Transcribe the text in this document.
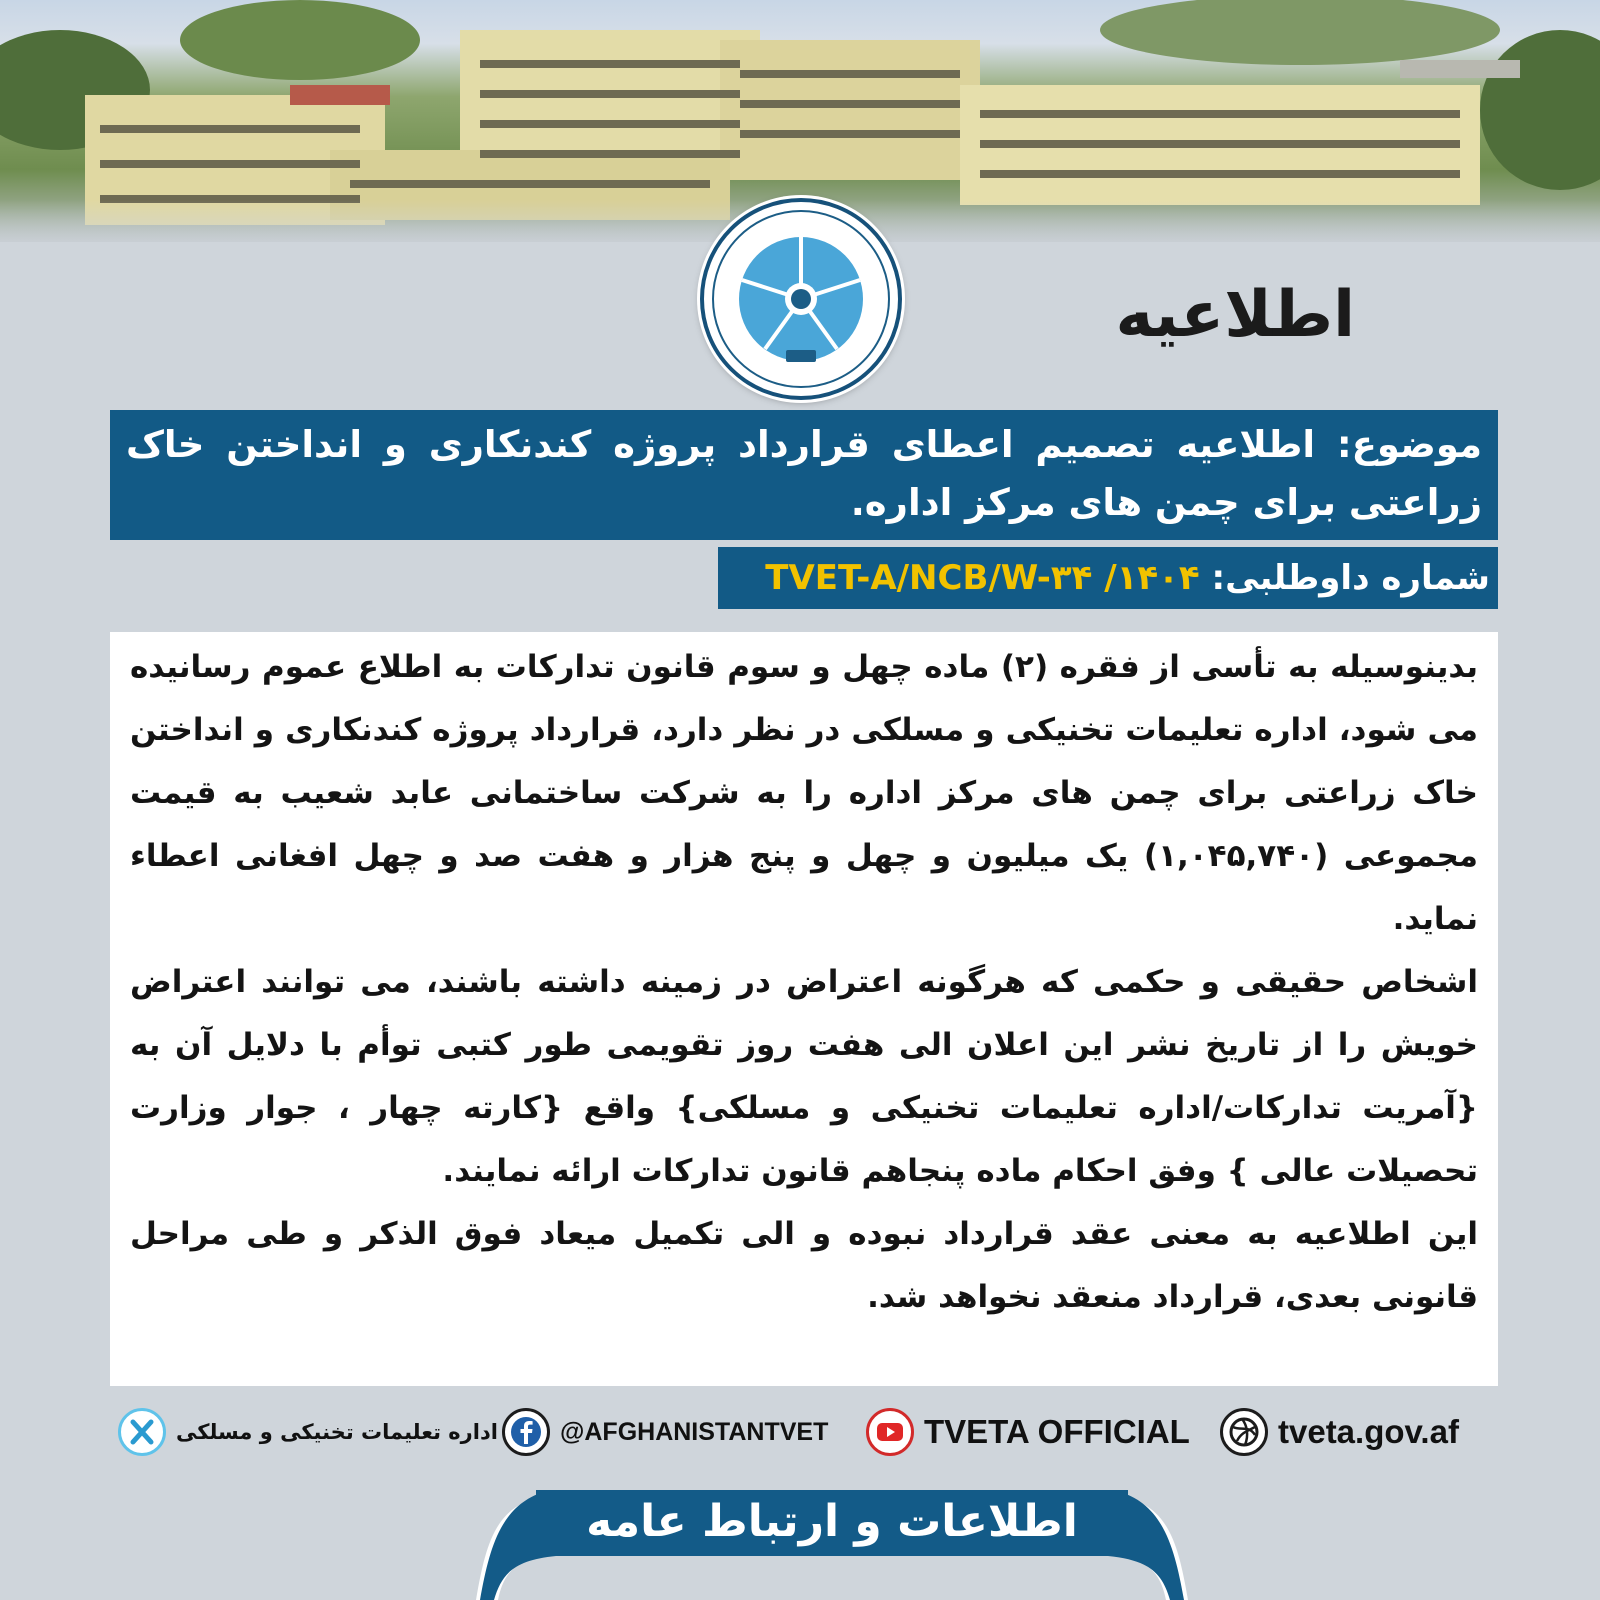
اطلاعیه
موضوع: اطلاعیه تصمیم اعطای قرارداد پروژه کندنکاری و انداختن خاک زراعتی برای چمن های مرکز اداره.
شماره داوطلبی: TVET-A/NCB/W-۳۴ /۱۴۰۴

بدینوسیله به تأسی از فقره (۲) ماده چهل و سوم قانون تدارکات به اطلاع عموم رسانیده می شود، اداره تعلیمات تخنیکی و مسلکی در نظر دارد، قرارداد پروژه کندنکاری و انداختن خاک زراعتی برای چمن های مرکز اداره را به شرکت ساختمانی عابد شعیب به قیمت مجموعی (۱,۰۴۵,۷۴۰) یک میلیون و چهل و پنج هزار و هفت صد و چهل افغانی اعطاء نماید.

اشخاص حقیقی و حکمی که هرگونه اعتراض در زمینه داشته باشند، می توانند اعتراض خویش را از تاریخ نشر این اعلان الی هفت روز تقویمی طور کتبی توأم با دلایل آن به {آمریت تدارکات/اداره تعلیمات تخنیکی و مسلکی} واقع {کارته چهار ، جوار وزارت تحصیلات عالی } وفق احکام ماده پنجاهم قانون تدارکات ارائه نمایند.

این اطلاعیه به معنی عقد قرارداد نبوده و الی تکمیل میعاد فوق الذکر و طی مراحل قانونی بعدی، قرارداد منعقد نخواهد شد.

اداره تعلیمات تخنیکی و مسلکی @AFGHANISTANTVET	TVETA OFFICIAL	tveta.gov.af
اطلاعات و ارتباط عامه
